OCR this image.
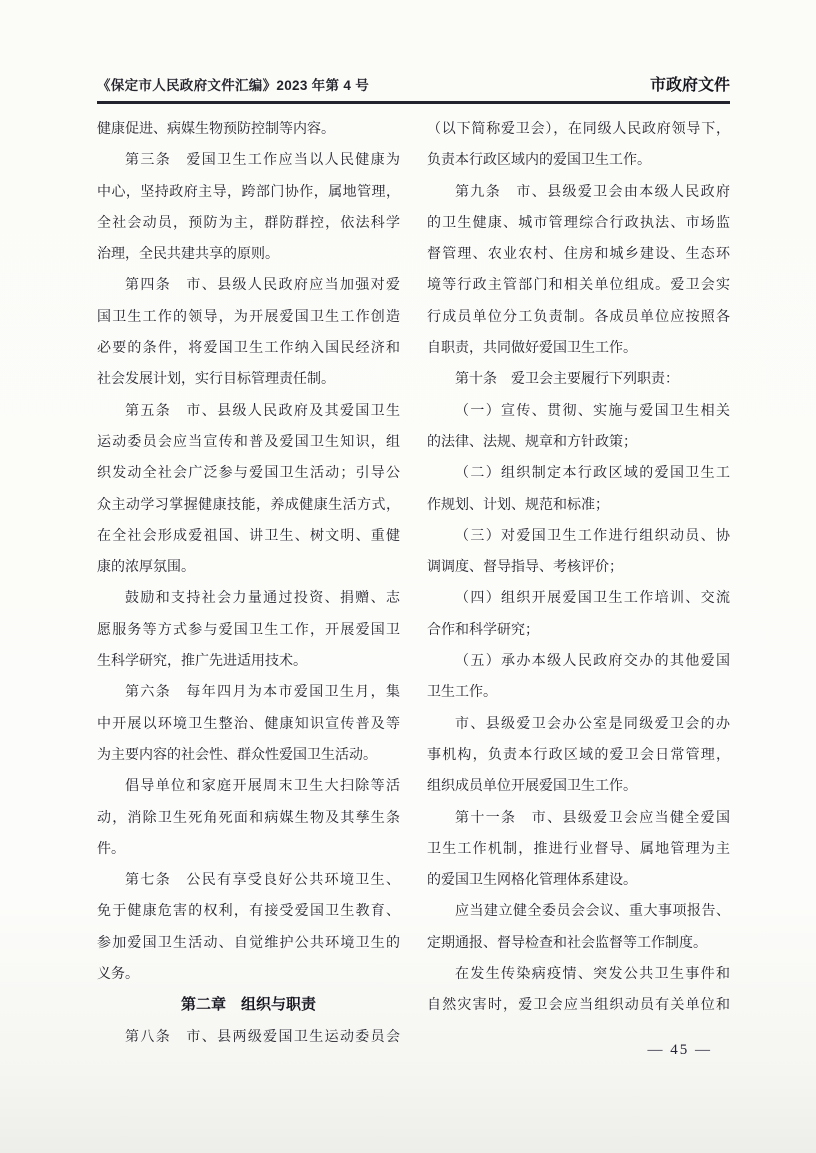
《保定市人民政府文件汇编》2023 年第 4 号	市政府文件
健康促进、病媒生物预防控制等内容。
第三条　爱国卫生工作应当以人民健康为
中心，坚持政府主导，跨部门协作，属地管理，
全社会动员，预防为主，群防群控，依法科学
治理，全民共建共享的原则。
第四条　市、县级人民政府应当加强对爱
国卫生工作的领导，为开展爱国卫生工作创造
必要的条件，将爱国卫生工作纳入国民经济和
社会发展计划，实行目标管理责任制。
第五条　市、县级人民政府及其爱国卫生
运动委员会应当宣传和普及爱国卫生知识，组
织发动全社会广泛参与爱国卫生活动；引导公
众主动学习掌握健康技能，养成健康生活方式，
在全社会形成爱祖国、讲卫生、树文明、重健
康的浓厚氛围。
鼓励和支持社会力量通过投资、捐赠、志
愿服务等方式参与爱国卫生工作，开展爱国卫
生科学研究，推广先进适用技术。
第六条　每年四月为本市爱国卫生月，集
中开展以环境卫生整治、健康知识宣传普及等
为主要内容的社会性、群众性爱国卫生活动。
倡导单位和家庭开展周末卫生大扫除等活
动，消除卫生死角死面和病媒生物及其孳生条
件。
第七条　公民有享受良好公共环境卫生、
免于健康危害的权利，有接受爱国卫生教育、
参加爱国卫生活动、自觉维护公共环境卫生的
义务。
第二章　组织与职责
第八条　市、县两级爱国卫生运动委员会
（以下简称爱卫会），在同级人民政府领导下，
负责本行政区域内的爱国卫生工作。
第九条　市、县级爱卫会由本级人民政府
的卫生健康、城市管理综合行政执法、市场监
督管理、农业农村、住房和城乡建设、生态环
境等行政主管部门和相关单位组成。爱卫会实
行成员单位分工负责制。各成员单位应按照各
自职责，共同做好爱国卫生工作。
第十条　爱卫会主要履行下列职责：
（一）宣传、贯彻、实施与爱国卫生相关
的法律、法规、规章和方针政策；
（二）组织制定本行政区域的爱国卫生工
作规划、计划、规范和标准；
（三）对爱国卫生工作进行组织动员、协
调调度、督导指导、考核评价；
（四）组织开展爱国卫生工作培训、交流
合作和科学研究；
（五）承办本级人民政府交办的其他爱国
卫生工作。
市、县级爱卫会办公室是同级爱卫会的办
事机构，负责本行政区域的爱卫会日常管理，
组织成员单位开展爱国卫生工作。
第十一条　市、县级爱卫会应当健全爱国
卫生工作机制，推进行业督导、属地管理为主
的爱国卫生网格化管理体系建设。
应当建立健全委员会会议、重大事项报告、
定期通报、督导检查和社会监督等工作制度。
在发生传染病疫情、突发公共卫生事件和
自然灾害时，爱卫会应当组织动员有关单位和
— 45 —
